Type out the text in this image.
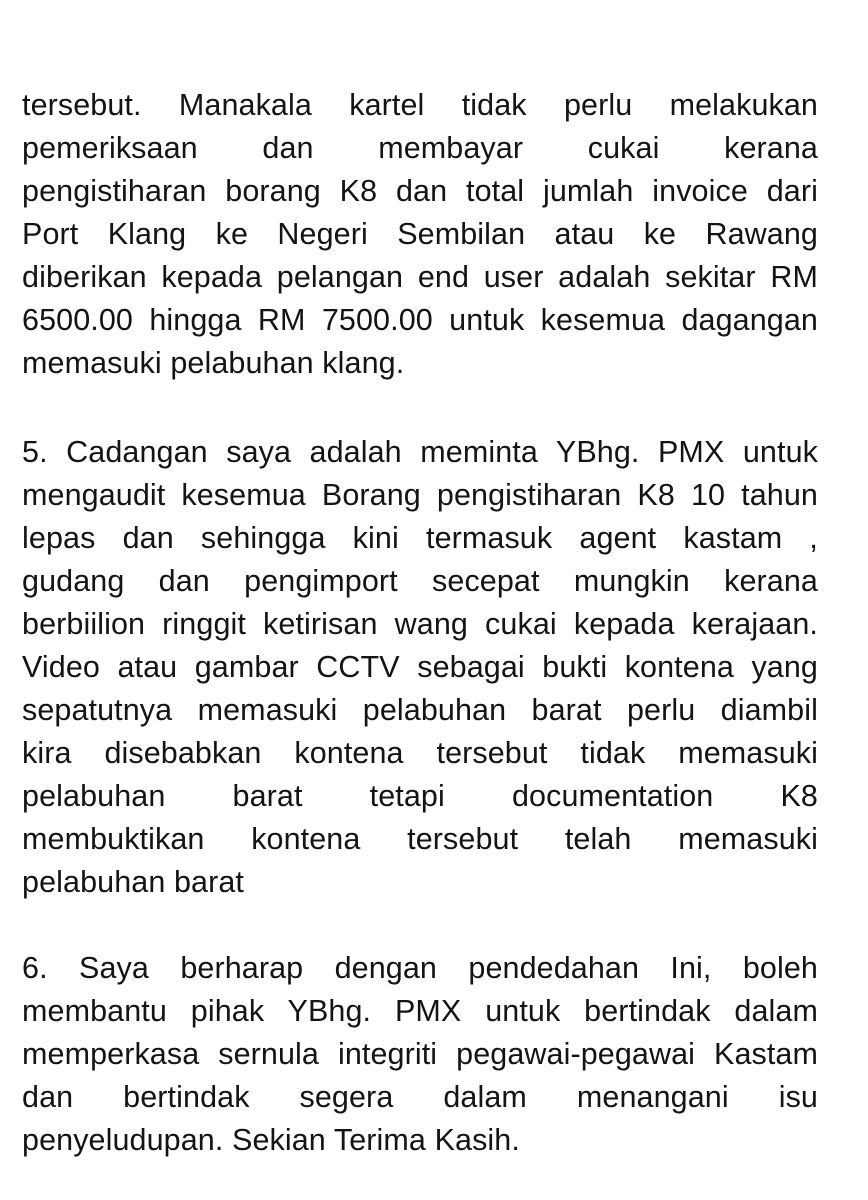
tersebut. Manakala kartel tidak perlu melakukan
pemeriksaan dan membayar cukai kerana
pengistiharan borang K8 dan total jumlah invoice dari
Port Klang ke Negeri Sembilan atau ke Rawang
diberikan kepada pelangan end user adalah sekitar RM
6500.00 hingga RM 7500.00 untuk kesemua dagangan
memasuki pelabuhan klang.
5. Cadangan saya adalah meminta YBhg. PMX untuk
mengaudit kesemua Borang pengistiharan K8 10 tahun
lepas dan sehingga kini termasuk agent kastam ,
gudang dan pengimport secepat mungkin kerana
berbiilion ringgit ketirisan wang cukai kepada kerajaan.
Video atau gambar CCTV sebagai bukti kontena yang
sepatutnya memasuki pelabuhan barat perlu diambil
kira disebabkan kontena tersebut tidak memasuki
pelabuhan barat tetapi documentation K8
membuktikan kontena tersebut telah memasuki
pelabuhan barat
6. Saya berharap dengan pendedahan Ini, boleh
membantu pihak YBhg. PMX untuk bertindak dalam
memperkasa sernula integriti pegawai-pegawai Kastam
dan bertindak segera dalam menangani isu
penyeludupan. Sekian Terima Kasih.
